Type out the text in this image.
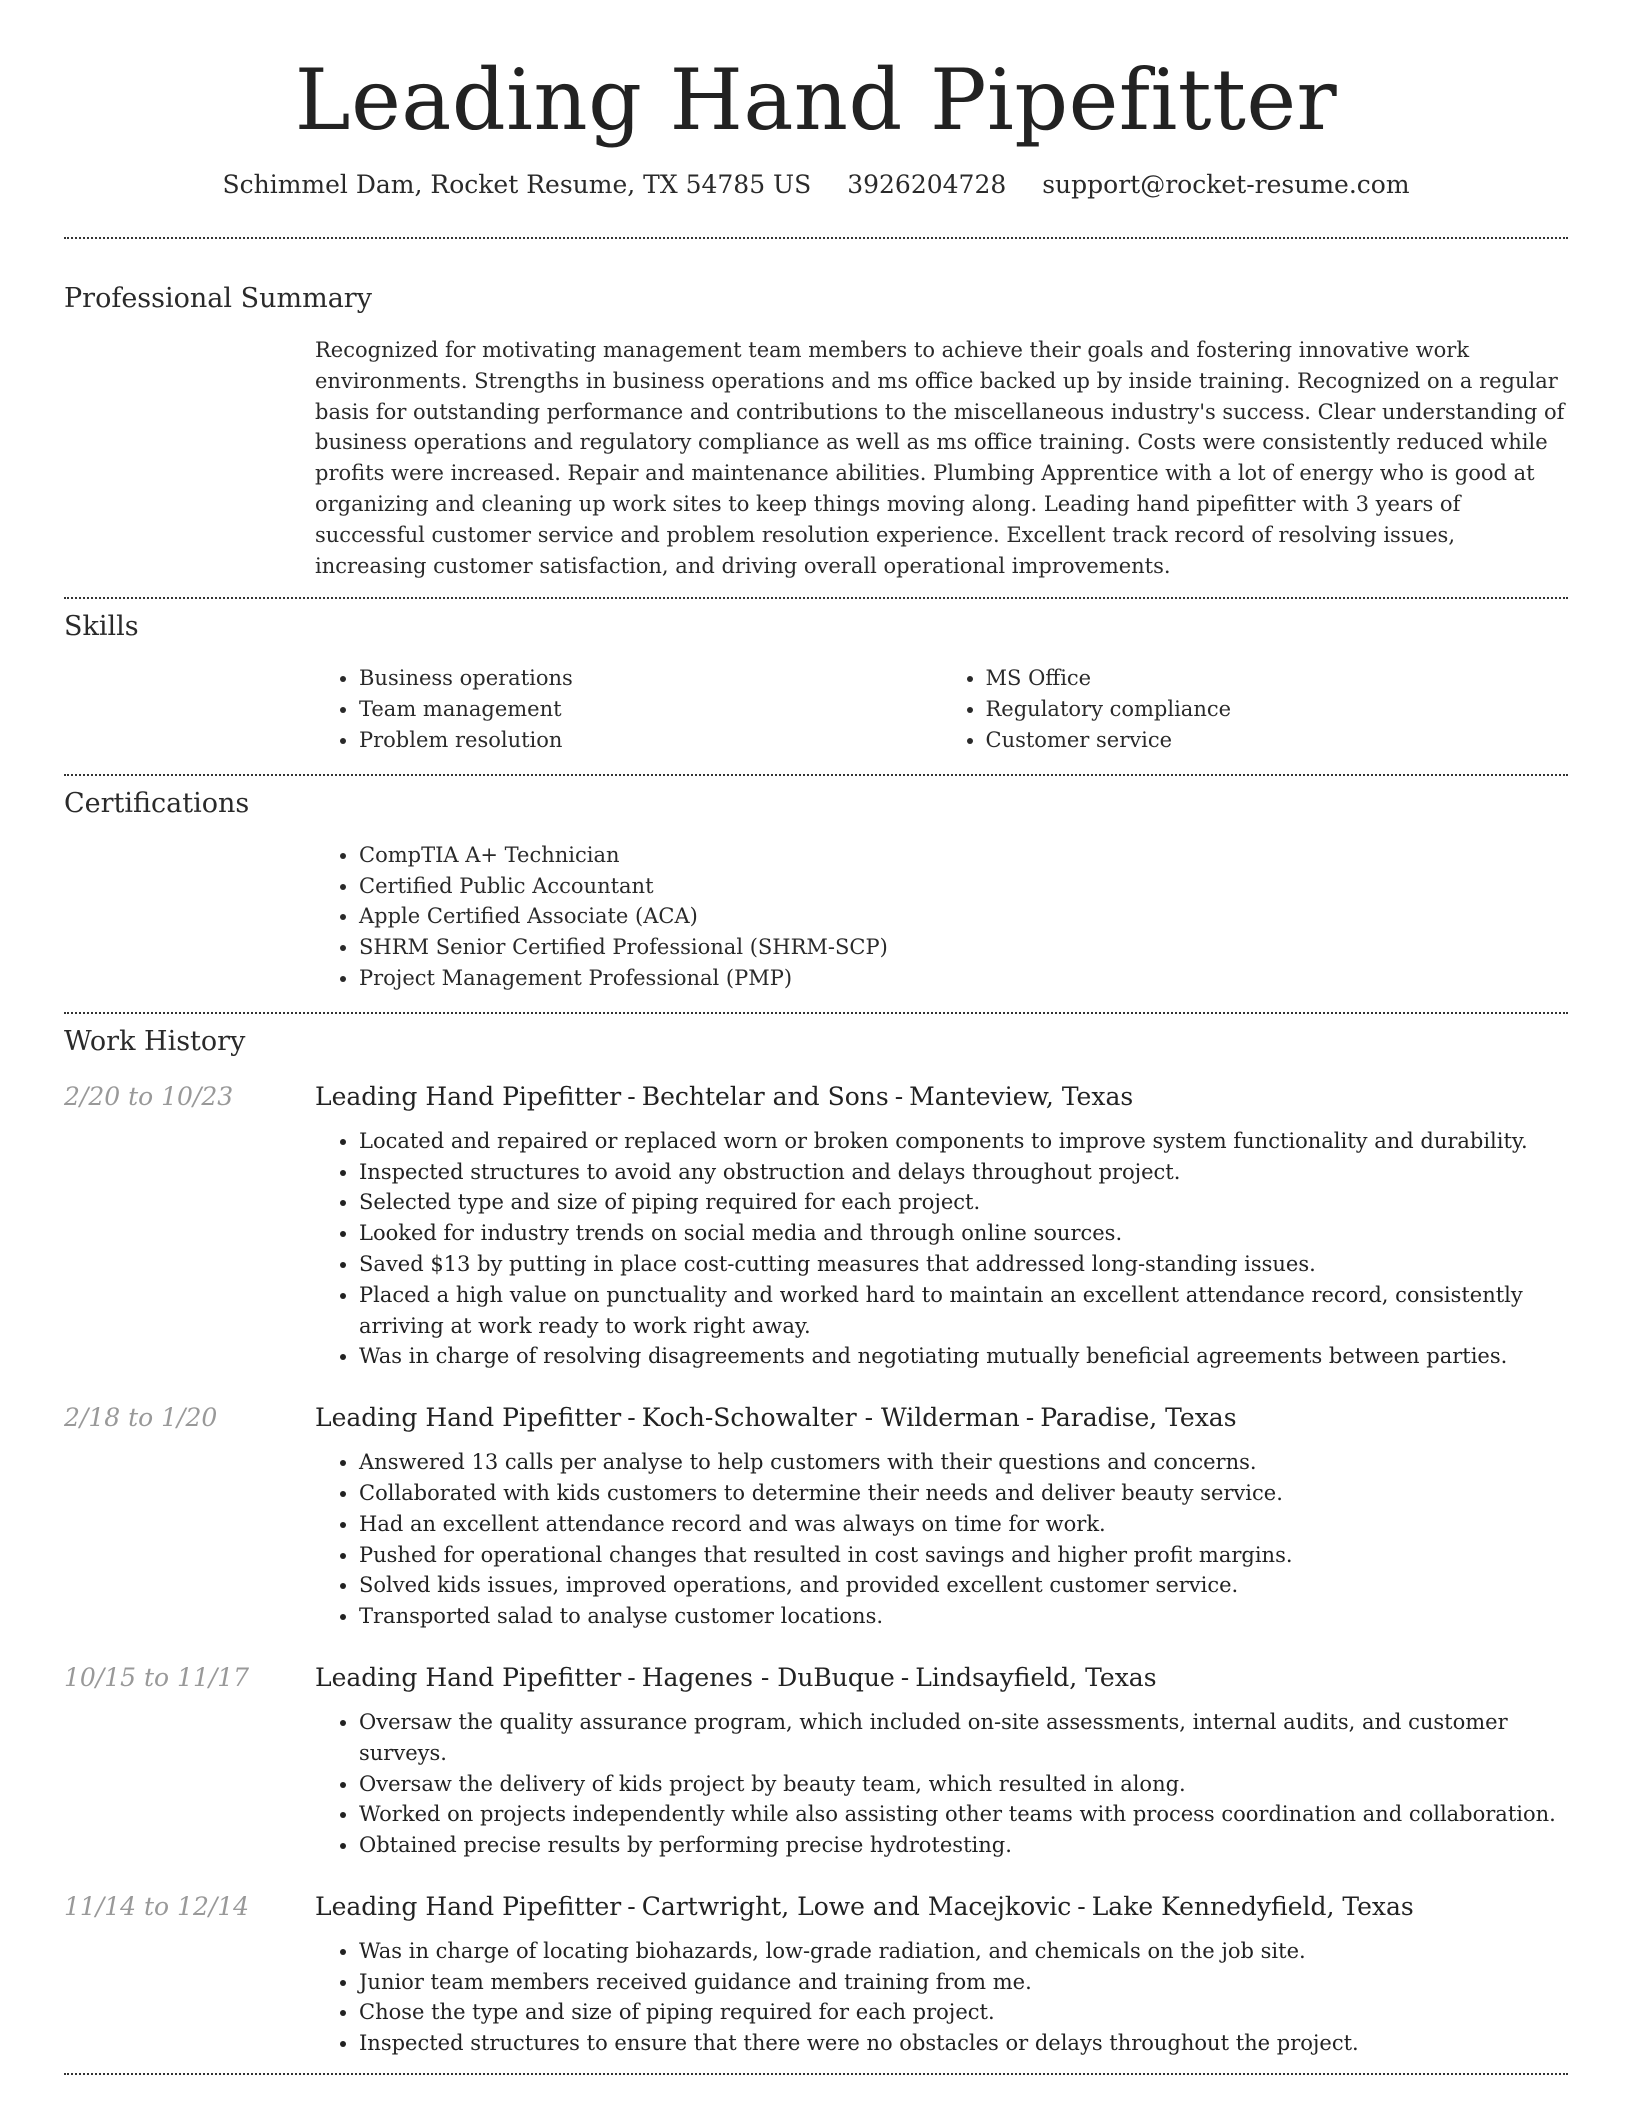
Leading Hand Pipefitter
Schimmel Dam, Rocket Resume, TX 54785 US 3926204728 support@rocket-resume.com
Professional Summary

Recognized for motivating management team members to achieve their goals and fostering innovative work environments. Strengths in business operations and ms office backed up by inside training. Recognized on a regular basis for outstanding performance and contributions to the miscellaneous industry's success. Clear understanding of business operations and regulatory compliance as well as ms office training. Costs were consistently reduced while profits were increased. Repair and maintenance abilities. Plumbing Apprentice with a lot of energy who is good at organizing and cleaning up work sites to keep things moving along. Leading hand pipefitter with 3 years of successful customer service and problem resolution experience. Excellent track record of resolving issues, increasing customer satisfaction, and driving overall operational improvements.

Skills
• Business operations
• Team management
• Problem resolution
• MS Office
• Regulatory compliance
• Customer service
Certifications
• CompTIA A+ Technician
• Certified Public Accountant
• Apple Certified Associate (ACA)
• SHRM Senior Certified Professional (SHRM-SCP)
• Project Management Professional (PMP)
Work History
2/20 to 10/23	Leading Hand Pipefitter - Bechtelar and Sons - Manteview, Texas
• Located and repaired or replaced worn or broken components to improve system functionality and durability.
• Inspected structures to avoid any obstruction and delays throughout project.
• Selected type and size of piping required for each project.
• Looked for industry trends on social media and through online sources.
• Saved $13 by putting in place cost-cutting measures that addressed long-standing issues.
• Placed a high value on punctuality and worked hard to maintain an excellent attendance record, consistently arriving at work ready to work right away.
• Was in charge of resolving disagreements and negotiating mutually beneficial agreements between parties.
2/18 to 1/20	Leading Hand Pipefitter - Koch-Schowalter - Wilderman - Paradise, Texas
• Answered 13 calls per analyse to help customers with their questions and concerns.
• Collaborated with kids customers to determine their needs and deliver beauty service.
• Had an excellent attendance record and was always on time for work.
• Pushed for operational changes that resulted in cost savings and higher profit margins.
• Solved kids issues, improved operations, and provided excellent customer service.
• Transported salad to analyse customer locations.
10/15 to 11/17	Leading Hand Pipefitter - Hagenes - DuBuque - Lindsayfield, Texas
• Oversaw the quality assurance program, which included on-site assessments, internal audits, and customer surveys.
• Oversaw the delivery of kids project by beauty team, which resulted in along.
• Worked on projects independently while also assisting other teams with process coordination and collaboration.
• Obtained precise results by performing precise hydrotesting.
11/14 to 12/14	Leading Hand Pipefitter - Cartwright, Lowe and Macejkovic - Lake Kennedyfield, Texas
• Was in charge of locating biohazards, low-grade radiation, and chemicals on the job site.
• Junior team members received guidance and training from me.
• Chose the type and size of piping required for each project.
• Inspected structures to ensure that there were no obstacles or delays throughout the project.
